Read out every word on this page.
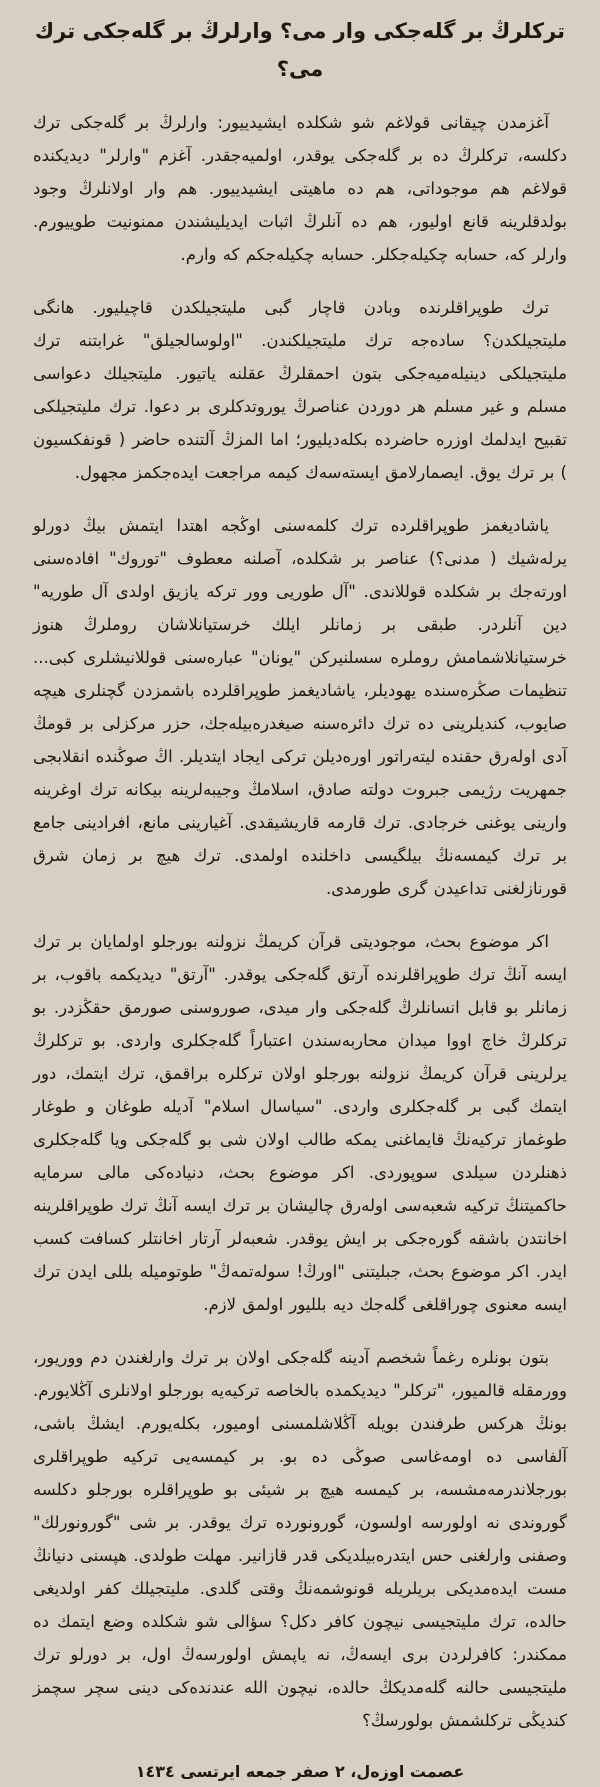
تركلرڭ بر گله‌جكى وار مى؟ وارلرڭ بر گله‌جكى ترك مى؟

آغزمدن چيقانى قولاغم شو شكلده ايشيدييور: وارلرڭ بر گله‌جكى ترك دكلسه، تركلرڭ ده بر گله‌جكى يوقدر، اولميه‌جقدر. آغزم "وارلر" ديديكنده قولاغم هم موجوداتى، هم ده ماهيتى ايشيدييور. هم وار اولانلرڭ وجود بولدقلرينه قانع اوليور، هم ده آنلرڭ اثبات ايديليشندن ممنونيت طوييورم. وارلر كه، حسابه چكيله‌جكلر. حسابه چكيله‌جكم كه وارم.

ترك طوپراقلرنده وبادن قاچار گبى مليتجيلكدن قاچيليور. هانگى مليتجيلكدن؟ ساده‌جه ترك مليتجيلكندن. "اولوسالجيلق" غرابتنه ترك مليتجيلكى دينيله‌ميه‌جكى بتون احمقلرڭ عقلنه ياتيور. مليتجيلك دعواسى مسلم و غير مسلم هر دوردن عناصرڭ يوروتدكلرى بر دعوا. ترك مليتجيلكى تقبيح ايدلمك اوزره حاضرده بكله‌ديليور؛ اما المزڭ آلتنده حاضر ( قونفكسيون ) بر ترك يوق. ايصمارلامق ايسته‌سه‌ك كيمه مراجعت ايده‌جكمز مجهول.

ياشاديغمز طوپراقلرده ترك كلمه‌سنى اوڭجه اهتدا ايتمش بيڭ دورلو يرله‌شيك ( مدنى؟) عناصر بر شكلده، آصلنه معطوف "توروك" افاده‌سنى اورته‌جك بر شكلده قوللاندى. "آل طوريى وور تركه يازيق اولدى آل طوريه" دين آنلردر. طبقى بر زمانلر ايلك خرستيانلاشان روملرڭ هنوز خرستيانلاشمامش روملره سسلنيركن "يونان" عباره‌سنى قوللانيشلرى كبى... تنظيمات صڭره‌سنده يهوديلر، ياشاديغمز طوپراقلرده باشمزدن گچنلرى هيچه صايوب، كنديلرينى ده ترك دائره‌سنه صيغدره‌بيله‌جك، حزر مركزلى بر قومڭ آدى اوله‌رق حقنده ليته‌راتور اوره‌ديلن تركى ايجاد ايتديلر. اڭ صوڭنده انقلابجى جمهريت رژيمى جبروت دولته صادق، اسلامڭ وجيبه‌لرينه بيكانه ترك اوغرينه وارينى يوغنى خرجادى. ترك قارمه قاريشيقدى. آغيارينى مانع، افرادينى جامع بر ترك كيمسه‌نڭ بيلگيسى داخلنده اولمدى. ترك هيچ بر زمان شرق قورنازلغنى تداعيدن گرى طورمدى.

اكر موضوع بحث، موجوديتى قرآن كريمڭ نزولنه بورجلو اولمايان بر ترك ايسه آنڭ ترك طوپراقلرنده آرتق گله‌جكى يوقدر. "آرتق" ديديكمه باقوب، بر زمانلر بو قابل انسانلرڭ گله‌جكى وار ميدى، صوروسنى صورمق حقڭزدر. بو تركلرڭ خاچ اووا ميدان محاربه‌سندن اعتباراً گله‌جكلرى واردى. بو تركلرڭ يرلرينى قرآن كريمڭ نزولنه بورجلو اولان تركلره براقمق، ترك ايتمك، دور ايتمك گبى بر گله‌جكلرى واردى. "سياسال اسلام" آديله طوغان و طوغار طوغماز تركيه‌نڭ قايماغنى يمكه طالب اولان شى بو گله‌جكى ويا گله‌جكلرى ذهنلردن سيلدى سوپوردى. اكر موضوع بحث، دنياده‌كى مالى سرمايه حاكميتنڭ تركيه شعبه‌سى اوله‌رق چاليشان بر ترك ايسه آنڭ ترك طوپراقلرينه اخانتدن باشقه گوره‌جكى بر ايش يوقدر. شعبه‌لر آرتار اخانتلر كسافت كسب ايدر. اكر موضوع بحث، جبليتنى "اورڭ! سوله‌تمه‌ڭ" طوتوميله بللى ايدن ترك ايسه معنوى چوراقلغى گله‌جك ديه بلليور اولمق لازم.

بتون بونلره رغماً شخصم آدينه گله‌جكى اولان بر ترك وارلغندن دم ووريور، وورمقله قالميور، "تركلر" ديديكمده بالخاصه تركيه‌يه بورجلو اولانلرى آڭلايورم. بونڭ هركس طرفندن بويله آڭلاشلمسنى اوميور، بكله‌يورم. ايشڭ باشى، آلفاسى ده اومه‌غاسى صوڭى ده بو. بر كيمسه‌يى تركيه طوپراقلرى بورجلاندرمه‌مشسه، بر كيمسه هيچ بر شيئى بو طوپراقلره بورجلو دكلسه گوروندى نه اولورسه اولسون، گورونورده ترك يوقدر. بر شى "گورونورلك" وصفنى وارلغنى حس ايتدره‌بيلديكى قدر قازانير. مهلت طولدى. هپسنى دنيانڭ مست ايده‌مديكى بريلريله قونوشمه‌نڭ وقتى گلدى. مليتجيلك كفر اولديغى حالده، ترك مليتجيسى نيچون كافر دكل؟ سؤالى شو شكلده وضع ايتمك ده ممكندر: كافرلردن برى ايسه‌ڭ، نه ياپمش اولورسه‌ڭ اول، بر دورلو ترك مليتجيسى حالنه گله‌مديكڭ حالده، نيچون الله عندنده‌كى دينى سچر سچمز كنديڭى تركلشمش بولورسڭ؟

عصمت اوزه‌ل، ٢ صفر جمعه ايرتسى ١٤٣٤
